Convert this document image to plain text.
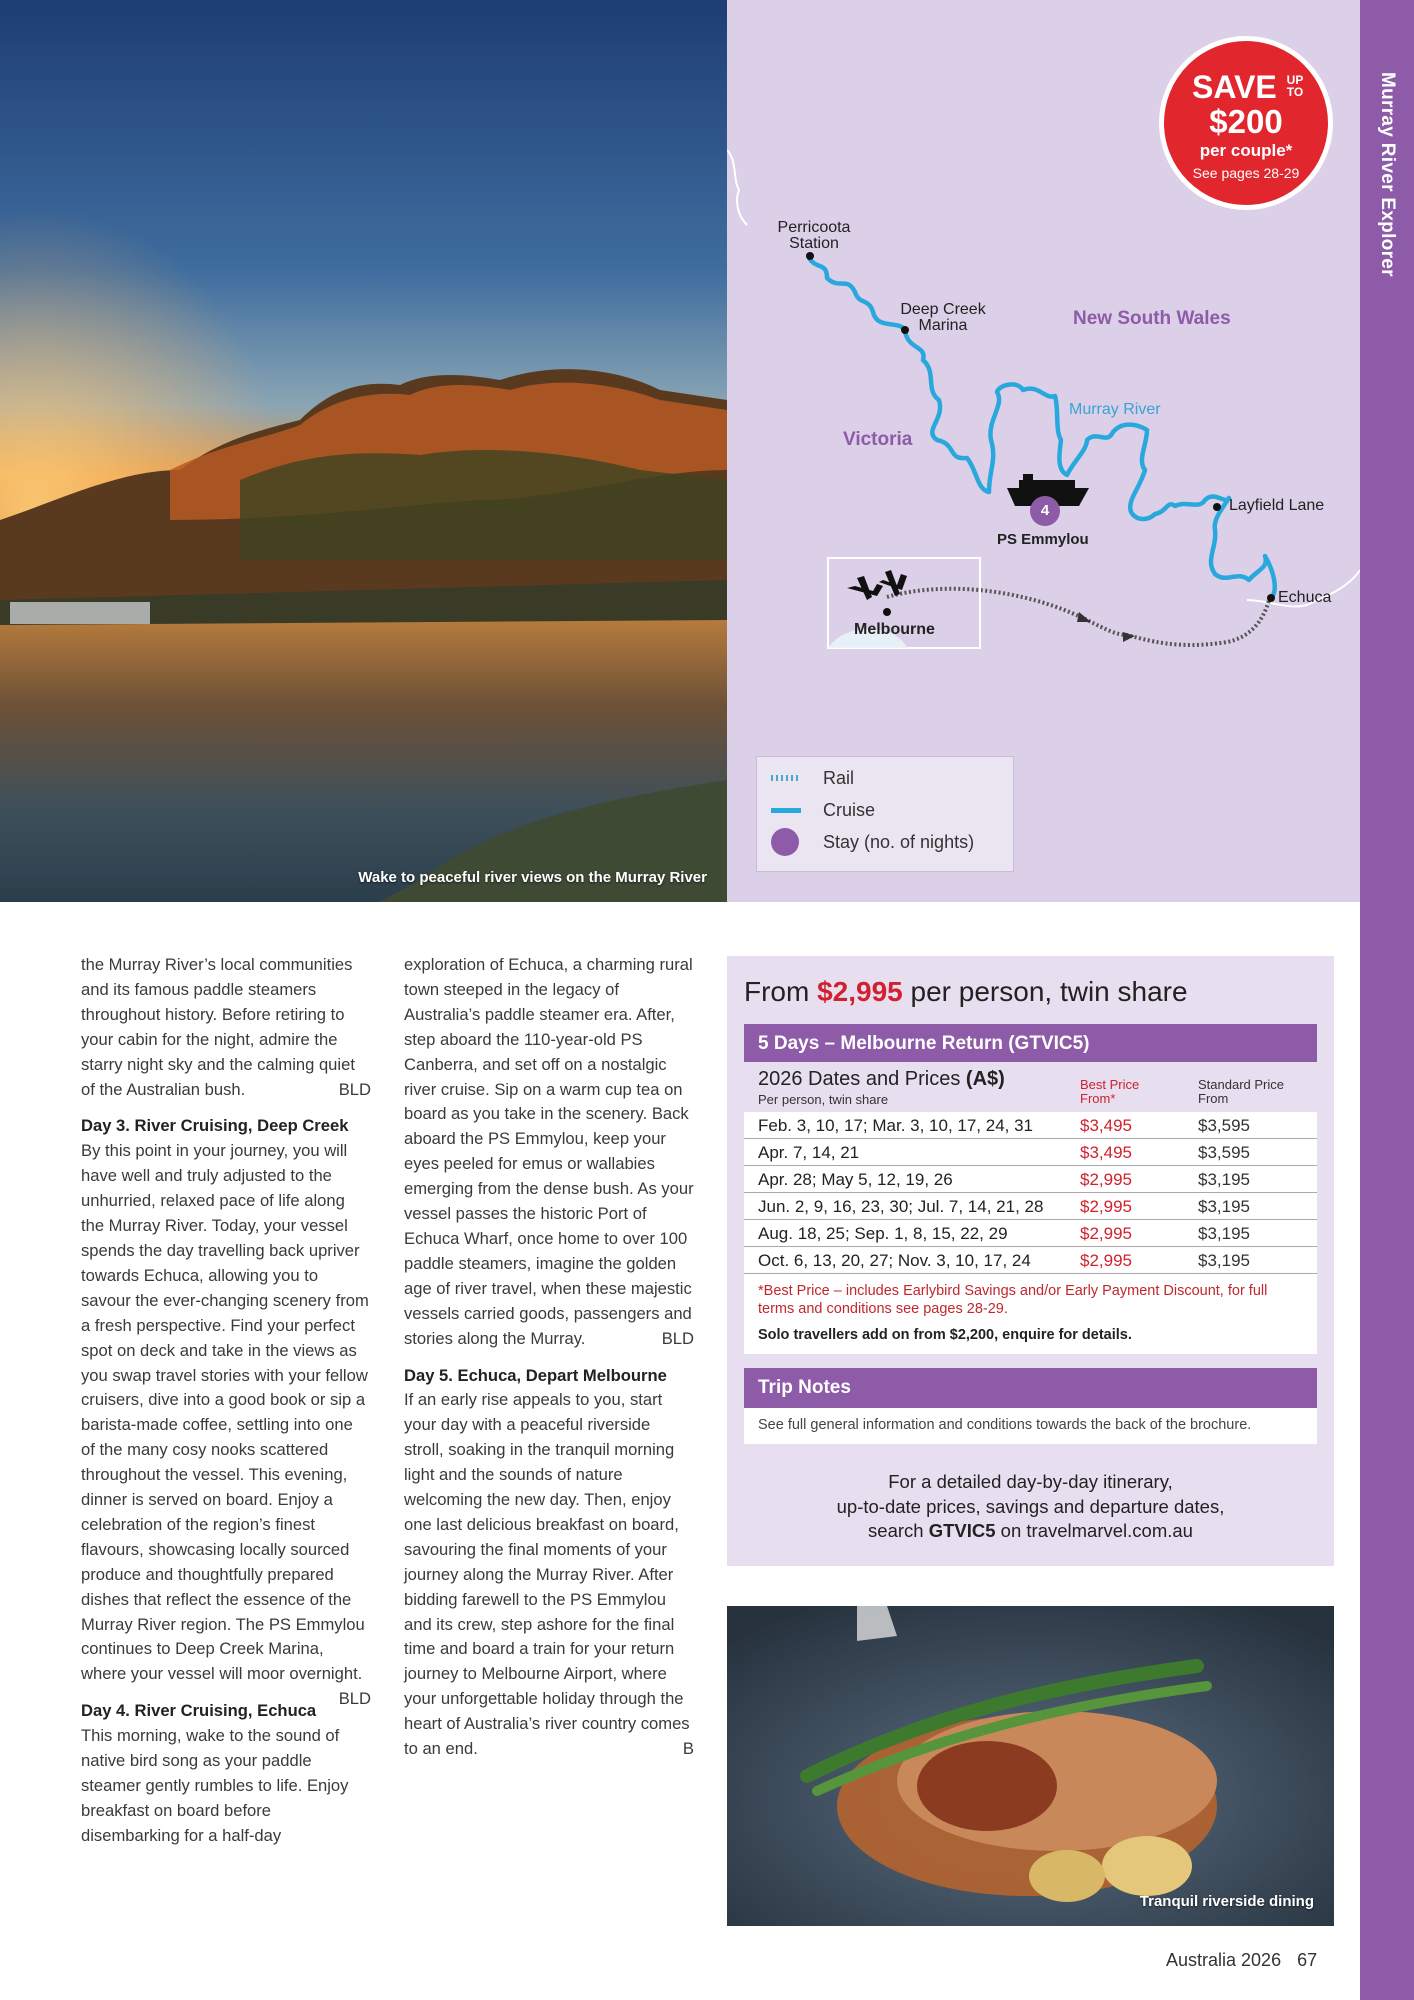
Murray River Explorer
Wake to peaceful river views on the Murray River
Perricoota Station
Deep Creek Marina
Layfield Lane
Echuca
Melbourne
New South Wales
Victoria
Murray River
PS Emmylou
4
SAVE UP TO
$200
per couple*
See pages 28-29
Rail
Cruise
Stay (no. of nights)

the Murray River’s local communities and its famous paddle steamers throughout history. Before retiring to your cabin for the night, admire the starry night sky and the calming quiet of the Australian bush.	BLD

Day 3. River Cruising, Deep Creek
By this point in your journey, you will have well and truly adjusted to the unhurried, relaxed pace of life along the Murray River. Today, your vessel spends the day travelling back upriver towards Echuca, allowing you to savour the ever-changing scenery from a fresh perspective. Find your perfect spot on deck and take in the views as you swap travel stories with your fellow cruisers, dive into a good book or sip a barista-made coffee, settling into one of the many cosy nooks scattered throughout the vessel. This evening, dinner is served on board. Enjoy a celebration of the region’s finest flavours, showcasing locally sourced produce and thoughtfully prepared dishes that reflect the essence of the Murray River region. The PS Emmylou continues to Deep Creek Marina, where your vessel will moor overnight.
BLD

Day 4. River Cruising, Echuca
This morning, wake to the sound of native bird song as your paddle steamer gently rumbles to life. Enjoy breakfast on board before disembarking for a half-day

exploration of Echuca, a charming rural town steeped in the legacy of Australia’s paddle steamer era. After, step aboard the 110-year-old PS Canberra, and set off on a nostalgic river cruise. Sip on a warm cup tea on board as you take in the scenery. Back aboard the PS Emmylou, keep your eyes peeled for emus or wallabies emerging from the dense bush. As your vessel passes the historic Port of Echuca Wharf, once home to over 100 paddle steamers, imagine the golden age of river travel, when these majestic vessels carried goods, passengers and stories along the Murray.	BLD

Day 5. Echuca, Depart Melbourne
If an early rise appeals to you, start your day with a peaceful riverside stroll, soaking in the tranquil morning light and the sounds of nature welcoming the new day. Then, enjoy one last delicious breakfast on board, savouring the final moments of your journey along the Murray River. After bidding farewell to the PS Emmylou and its crew, step ashore for the final time and board a train for your return journey to Melbourne Airport, where your unforgettable holiday through the heart of Australia’s river country comes to an end.	B

From $2,995 per person, twin share
5 Days – Melbourne Return (GTVIC5)
2026 Dates and Prices (A$)
Per person, twin share
Best Price From*
Standard Price From
Feb. 3, 10, 17; Mar. 3, 10, 17, 24, 31	$3,495	$3,595
Apr. 7, 14, 21	$3,495	$3,595
Apr. 28; May 5, 12, 19, 26	$2,995	$3,195
Jun. 2, 9, 16, 23, 30; Jul. 7, 14, 21, 28 $2,995	$3,195
Aug. 18, 25; Sep. 1, 8, 15, 22, 29	$2,995	$3,195
Oct. 6, 13, 20, 27; Nov. 3, 10, 17, 24	$2,995	$3,195
*Best Price – includes Earlybird Savings and/or Early Payment Discount, for full terms and conditions see pages 28-29.
Solo travellers add on from $2,200, enquire for details.
Trip Notes
See full general information and conditions towards the back of the brochure.
For a detailed day-by-day itinerary,
up-to-date prices, savings and departure dates,
search GTVIC5 on travelmarvel.com.au
Tranquil riverside dining
Australia 2026 67
